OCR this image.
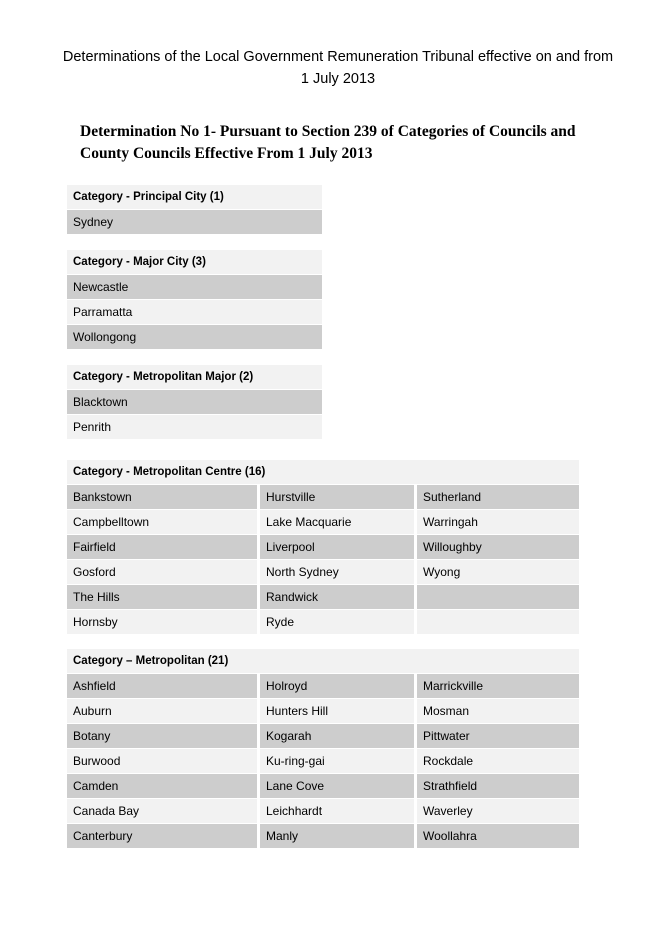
Determinations of the Local Government Remuneration Tribunal effective on and from 1 July 2013
Determination No 1- Pursuant to Section 239 of Categories of Councils and County Councils Effective From 1 July 2013
Category - Principal City (1)
Sydney
Category - Major City (3)
Newcastle
Parramatta
Wollongong
Category - Metropolitan Major (2)
Blacktown
Penrith
Category - Metropolitan Centre (16)
Bankstown	Hurstville	Sutherland
Campbelltown	Lake Macquarie	Warringah
Fairfield	Liverpool	Willoughby
Gosford	North Sydney	Wyong
The Hills	Randwick
Hornsby	Ryde
Category – Metropolitan (21)
Ashfield	Holroyd	Marrickville
Auburn	Hunters Hill	Mosman
Botany	Kogarah	Pittwater
Burwood	Ku-ring-gai	Rockdale
Camden	Lane Cove	Strathfield
Canada Bay	Leichhardt	Waverley
Canterbury	Manly	Woollahra
